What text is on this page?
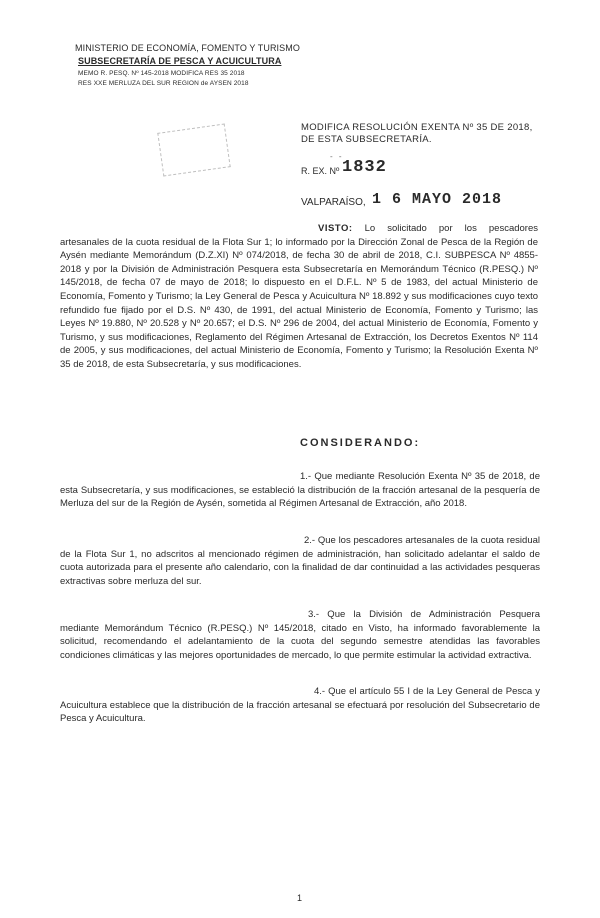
MINISTERIO DE ECONOMÍA, FOMENTO Y TURISMO
SUBSECRETARÍA DE PESCA Y ACUICULTURA
MEMO R. PESQ. Nº 145-2018 MODIFICA RES 35 2018
RES XXE MERLUZA DEL SUR REGION de AYSEN 2018
MODIFICA RESOLUCIÓN EXENTA Nº 35 DE 2018, DE ESTA SUBSECRETARÍA.
- -
R. EX. Nº 1832
VALPARAÍSO, 1 6 MAYO 2018
VISTO: Lo solicitado por los pescadores artesanales de la cuota residual de la Flota Sur 1; lo informado por la Dirección Zonal de Pesca de la Región de Aysén mediante Memorándum (D.Z.XI) Nº 074/2018, de fecha 30 de abril de 2018, C.I. SUBPESCA Nº 4855-2018 y por la División de Administración Pesquera esta Subsecretaría en Memorándum Técnico (R.PESQ.) Nº 145/2018, de fecha 07 de mayo de 2018; lo dispuesto en el D.F.L. Nº 5 de 1983, del actual Ministerio de Economía, Fomento y Turismo; la Ley General de Pesca y Acuicultura Nº 18.892 y sus modificaciones cuyo texto refundido fue fijado por el D.S. Nº 430, de 1991, del actual Ministerio de Economía, Fomento y Turismo; las Leyes Nº 19.880, Nº 20.528 y Nº 20.657; el D.S. Nº 296 de 2004, del actual Ministerio de Economía, Fomento y Turismo, y sus modificaciones, Reglamento del Régimen Artesanal de Extracción, los Decretos Exentos Nº 114 de 2005, y sus modificaciones, del actual Ministerio de Economía, Fomento y Turismo; la Resolución Exenta Nº 35 de 2018, de esta Subsecretaría, y sus modificaciones.
CONSIDERANDO:
1.- Que mediante Resolución Exenta Nº 35 de 2018, de esta Subsecretaría, y sus modificaciones, se estableció la distribución de la fracción artesanal de la pesquería de Merluza del sur de la Región de Aysén, sometida al Régimen Artesanal de Extracción, año 2018.
2.- Que los pescadores artesanales de la cuota residual de la Flota Sur 1, no adscritos al mencionado régimen de administración, han solicitado adelantar el saldo de cuota autorizada para el presente año calendario, con la finalidad de dar continuidad a las actividades pesqueras extractivas sobre merluza del sur.
3.- Que la División de Administración Pesquera mediante Memorándum Técnico (R.PESQ.) Nº 145/2018, citado en Visto, ha informado favorablemente la solicitud, recomendando el adelantamiento de la cuota del segundo semestre atendidas las favorables condiciones climáticas y las mejores oportunidades de mercado, lo que permite estimular la actividad extractiva.
4.- Que el artículo 55 I de la Ley General de Pesca y Acuicultura establece que la distribución de la fracción artesanal se efectuará por resolución del Subsecretario de Pesca y Acuicultura.
1
